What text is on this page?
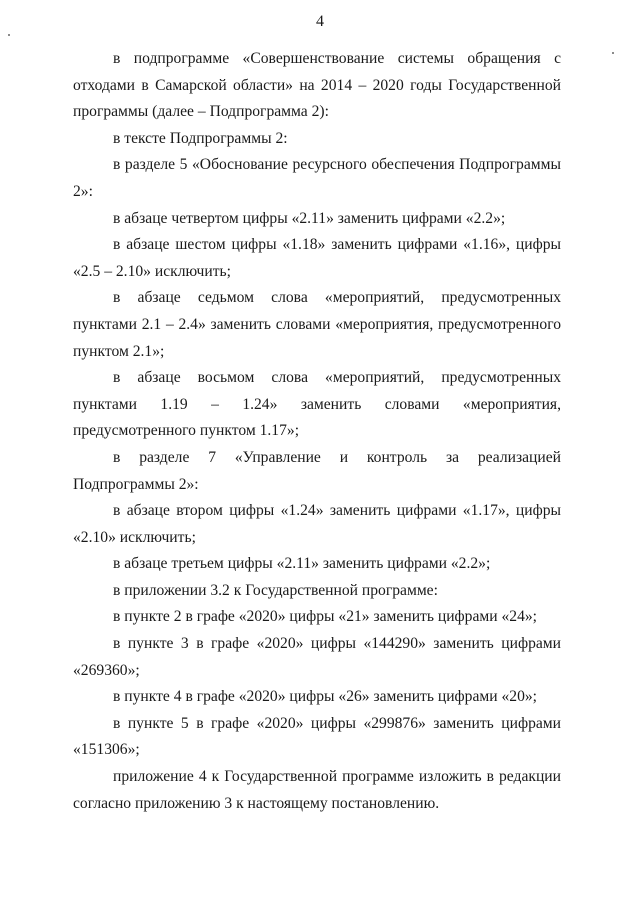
4

в подпрограмме «Совершенствование системы обращения с отходами в Самарской области» на 2014 – 2020 годы Государственной программы (далее – Подпрограмма 2):

в тексте Подпрограммы 2:

в разделе 5 «Обоснование ресурсного обеспечения Подпрограммы 2»:

в абзаце четвертом цифры «2.11» заменить цифрами «2.2»;

в абзаце шестом цифры «1.18» заменить цифрами «1.16», цифры «2.5 – 2.10» исключить;

в абзаце седьмом слова «мероприятий, предусмотренных пунктами 2.1 – 2.4» заменить словами «мероприятия, предусмотренного пунктом 2.1»;

в абзаце восьмом слова «мероприятий, предусмотренных пунктами 1.19 – 1.24» заменить словами «мероприятия, предусмотренного пунктом 1.17»;

в разделе 7 «Управление и контроль за реализацией Подпрограммы 2»:

в абзаце втором цифры «1.24» заменить цифрами «1.17», цифры «2.10» исключить;

в абзаце третьем цифры «2.11» заменить цифрами «2.2»;

в приложении 3.2 к Государственной программе:

в пункте 2 в графе «2020» цифры «21» заменить цифрами «24»;

в пункте 3 в графе «2020» цифры «144290» заменить цифрами «269360»;

в пункте 4 в графе «2020» цифры «26» заменить цифрами «20»;

в пункте 5 в графе «2020» цифры «299876» заменить цифрами «151306»;

приложение 4 к Государственной программе изложить в редакции согласно приложению 3 к настоящему постановлению.
